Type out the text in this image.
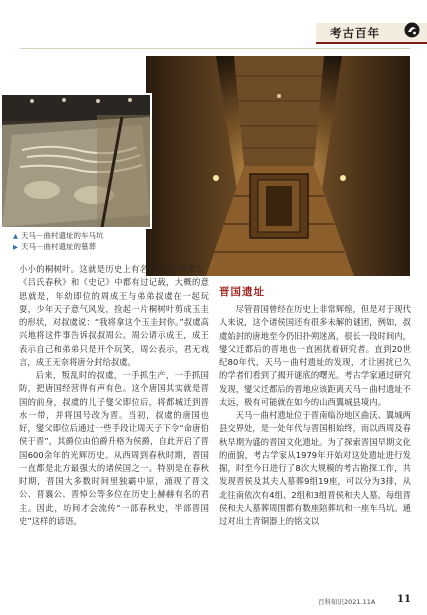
考古百年
▲ 天马－曲村遗址的车马坑
▶ 天马－曲村遗址的墓葬

小小的桐树叶。这就是历史上有名的“桐叶封弟”，《吕氏春秋》和《史记》中都有过记载，大概的意思就是，年幼即位的周成王与弟弟叔虞在一起玩耍，少年天子意气风发，捡起一片桐树叶剪成玉圭的形状，对叔虞说：“我将拿这个玉圭封你。”叔虞高兴地将这件事告诉叔叔周公。周公请示成王，成王表示自己和弟弟只是开个玩笑，周公表示，君无戏言，成王无奈将唐分封给叔虞。

后来，叛乱时的叔虞，一手抓生产，一手抓国防，把唐国经营得有声有色。这个唐国其实就是晋国的前身，叔虞的儿子燮父即位后，将都城迁到晋水一带，并将国号改为晋。当初，叔虞的唐国也好，燮父即位后通过一些手段让周天子下令“命唐伯侯于晋”，其爵位由伯爵升格为侯爵，自此开启了晋国600余年的光辉历史。从西周到春秋时期，晋国一直都是北方最强大的诸侯国之一。特别是在春秋时期，晋国大多数时间里独霸中原，涌现了晋文公、晋襄公、晋悼公等多位在历史上赫赫有名的君主。因此，坊间才会流传“一部春秋史，半部晋国史”这样的谚语。

晋国遗址

尽管晋国曾经在历史上非常辉煌，但是对于现代人来说，这个诸侯国还有很多未解的谜团，例如，叔虞始封的唐地至今仍旧扑朔迷离，很长一段时间内，燮父迁都后的晋地也一直困扰着研究者。直到20世纪80年代，天马－曲村遗址的发现，才让困扰已久的学者们看到了揭开谜底的曙光。考古学家通过研究发现，燮父迁都后的晋地应该距离天马－曲村遗址不太远，极有可能就在如今的山西翼城县境内。

天马－曲村遗址位于晋南临汾地区曲沃、翼城两县交界处，是一处年代与晋国相始终，而以西周及春秋早期为盛的晋国文化遗址。为了探索晋国早期文化的面貌，考古学家从1979年开始对这处遗址进行发掘，时至今日进行了8次大规模的考古勘探工作，共发现晋侯及其夫人墓葬9组19座，可以分为3排，从北往南依次有4组、2组和3组晋侯和夫人墓。每组晋侯和夫人墓葬周围都有数座陪葬坑和一座车马坑。通过对出土青铜器上的铭文以

百科知识2021.11A 11
